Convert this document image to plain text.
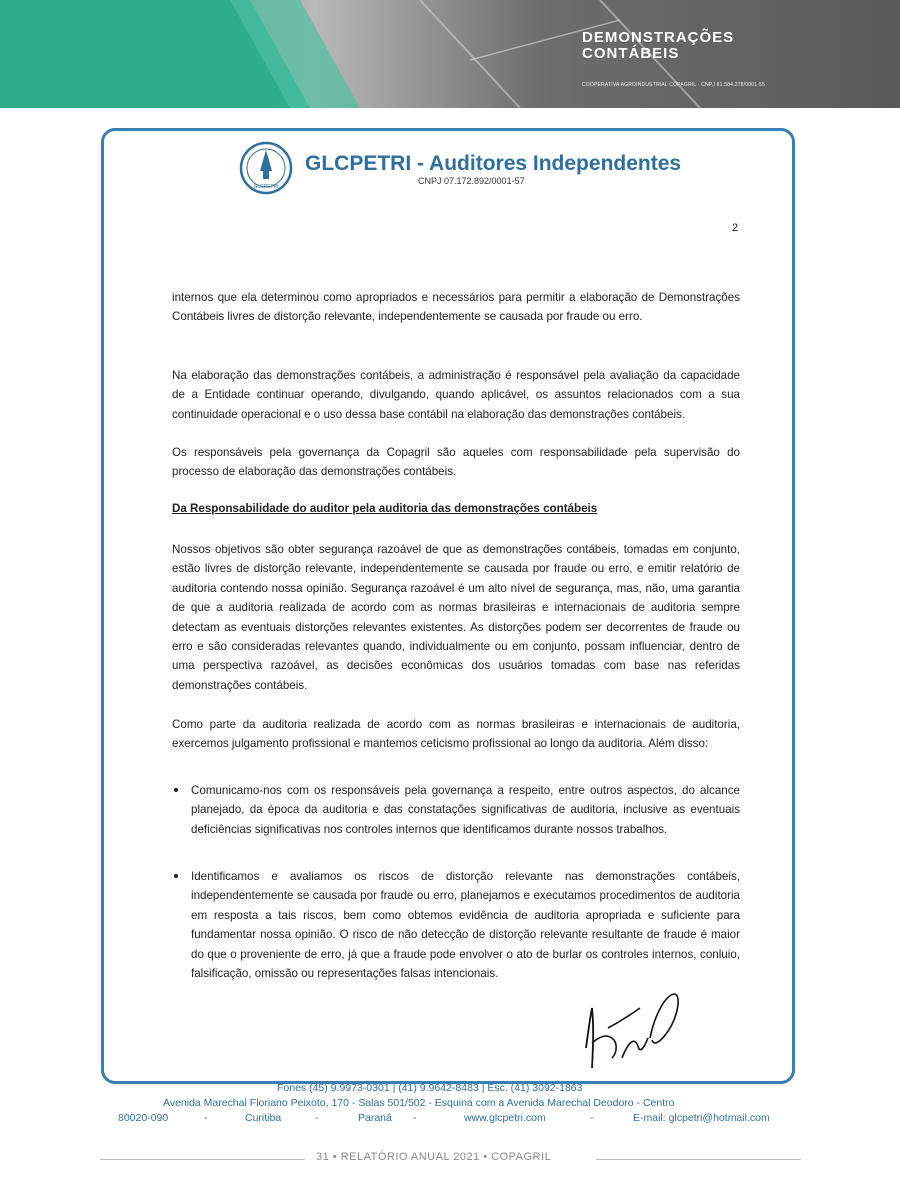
DEMONSTRAÇÕES
CONTÁBEIS
COOPERATIVA AGROINDUSTRIAL COPAGRIL · CNPJ 81.584.278/0001-55
GLCPETRI
GLCPETRI - Auditores Independentes
CNPJ 07.172.892/0001-57
2
internos que ela determinou como apropriados e necessários para permitir a elaboração de Demonstrações Contábeis livres de distorção relevante, independentemente se causada por fraude ou erro.
Na elaboração das demonstrações contábeis, a administração é responsável pela avaliação da capacidade de a Entidade continuar operando, divulgando, quando aplicável, os assuntos relacionados com a sua continuidade operacional e o uso dessa base contábil na elaboração das demonstrações contábeis.
Os responsáveis pela governança da Copagril são aqueles com responsabilidade pela supervisão do processo de elaboração das demonstrações contábeis.
Da Responsabilidade do auditor pela auditoria das demonstrações contábeis
Nossos objetivos são obter segurança razoável de que as demonstrações contábeis, tomadas em conjunto, estão livres de distorção relevante, independentemente se causada por fraude ou erro, e emitir relatório de auditoria contendo nossa opinião. Segurança razoável é um alto nível de segurança, mas, não, uma garantia de que a auditoria realizada de acordo com as normas brasileiras e internacionais de auditoria sempre detectam as eventuais distorções relevantes existentes. As distorções podem ser decorrentes de fraude ou erro e são consideradas relevantes quando, individualmente ou em conjunto, possam influenciar, dentro de uma perspectiva razoável, as decisões econômicas dos usuários tomadas com base nas referidas demonstrações contábeis.
Como parte da auditoria realizada de acordo com as normas brasileiras e internacionais de auditoria, exercemos julgamento profissional e mantemos ceticismo profissional ao longo da auditoria. Além disso:
Comunicamo-nos com os responsáveis pela governança a respeito, entre outros aspectos, do alcance planejado, da época da auditoria e das constatações significativas de auditoria, inclusive as eventuais deficiências significativas nos controles internos que identificamos durante nossos trabalhos.
Identificamos e avaliamos os riscos de distorção relevante nas demonstrações contábeis, independentemente se causada por fraude ou erro, planejamos e executamos procedimentos de auditoria em resposta a tais riscos, bem como obtemos evidência de auditoria apropriada e suficiente para fundamentar nossa opinião. O risco de não detecção de distorção relevante resultante de fraude é maior do que o proveniente de erro, já que a fraude pode envolver o ato de burlar os controles internos, conluio, falsificação, omissão ou representações falsas intencionais.
Fones (45) 9.9973-0301 | (41) 9.9642-8483 | Esc. (41) 3092-1863
Avenida Marechal Floriano Peixoto, 170 - Salas 501/502 - Esquina com a Avenida Marechal Deodoro - Centro
80020-090	-	Curitiba	-	Paraná -	www.glcpetri.com	-	E-mail: glcpetri@hotmail.com
31 • RELATÓRIO ANUAL 2021 • COPAGRIL
